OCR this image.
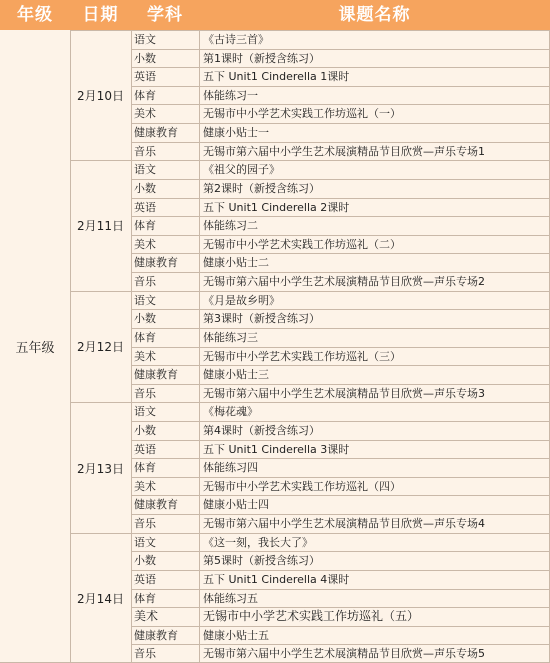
年级	日期	学科	课题名称
五年级
2月10日
语文	《古诗三首》
小数	第1课时（新授含练习）
英语	五下 Unit1 Cinderella 1课时
体育	体能练习一
美术	无锡市中小学艺术实践工作坊巡礼（一）
健康教育 健康小贴士一
音乐	无锡市第六届中小学生艺术展演精品节目欣赏—声乐专场1
2月11日
语文	《祖父的园子》
小数	第2课时（新授含练习）
英语	五下 Unit1 Cinderella 2课时
体育	体能练习二
美术	无锡市中小学艺术实践工作坊巡礼（二）
健康教育 健康小贴士二
音乐	无锡市第六届中小学生艺术展演精品节目欣赏—声乐专场2
2月12日
语文	《月是故乡明》
小数	第3课时（新授含练习）
体育	体能练习三
美术	无锡市中小学艺术实践工作坊巡礼（三）
健康教育 健康小贴士三
音乐	无锡市第六届中小学生艺术展演精品节目欣赏—声乐专场3
2月13日
语文	《梅花魂》
小数	第4课时（新授含练习）
英语	五下 Unit1 Cinderella 3课时
体育	体能练习四
美术	无锡市中小学艺术实践工作坊巡礼（四）
健康教育 健康小贴士四
音乐	无锡市第六届中小学生艺术展演精品节目欣赏—声乐专场4
2月14日
语文	《这一刻，我长大了》
小数	第5课时（新授含练习）
英语	五下 Unit1 Cinderella 4课时
体育	体能练习五
美术	无锡市中小学艺术实践工作坊巡礼（五）
健康教育 健康小贴士五
音乐	无锡市第六届中小学生艺术展演精品节目欣赏—声乐专场5
